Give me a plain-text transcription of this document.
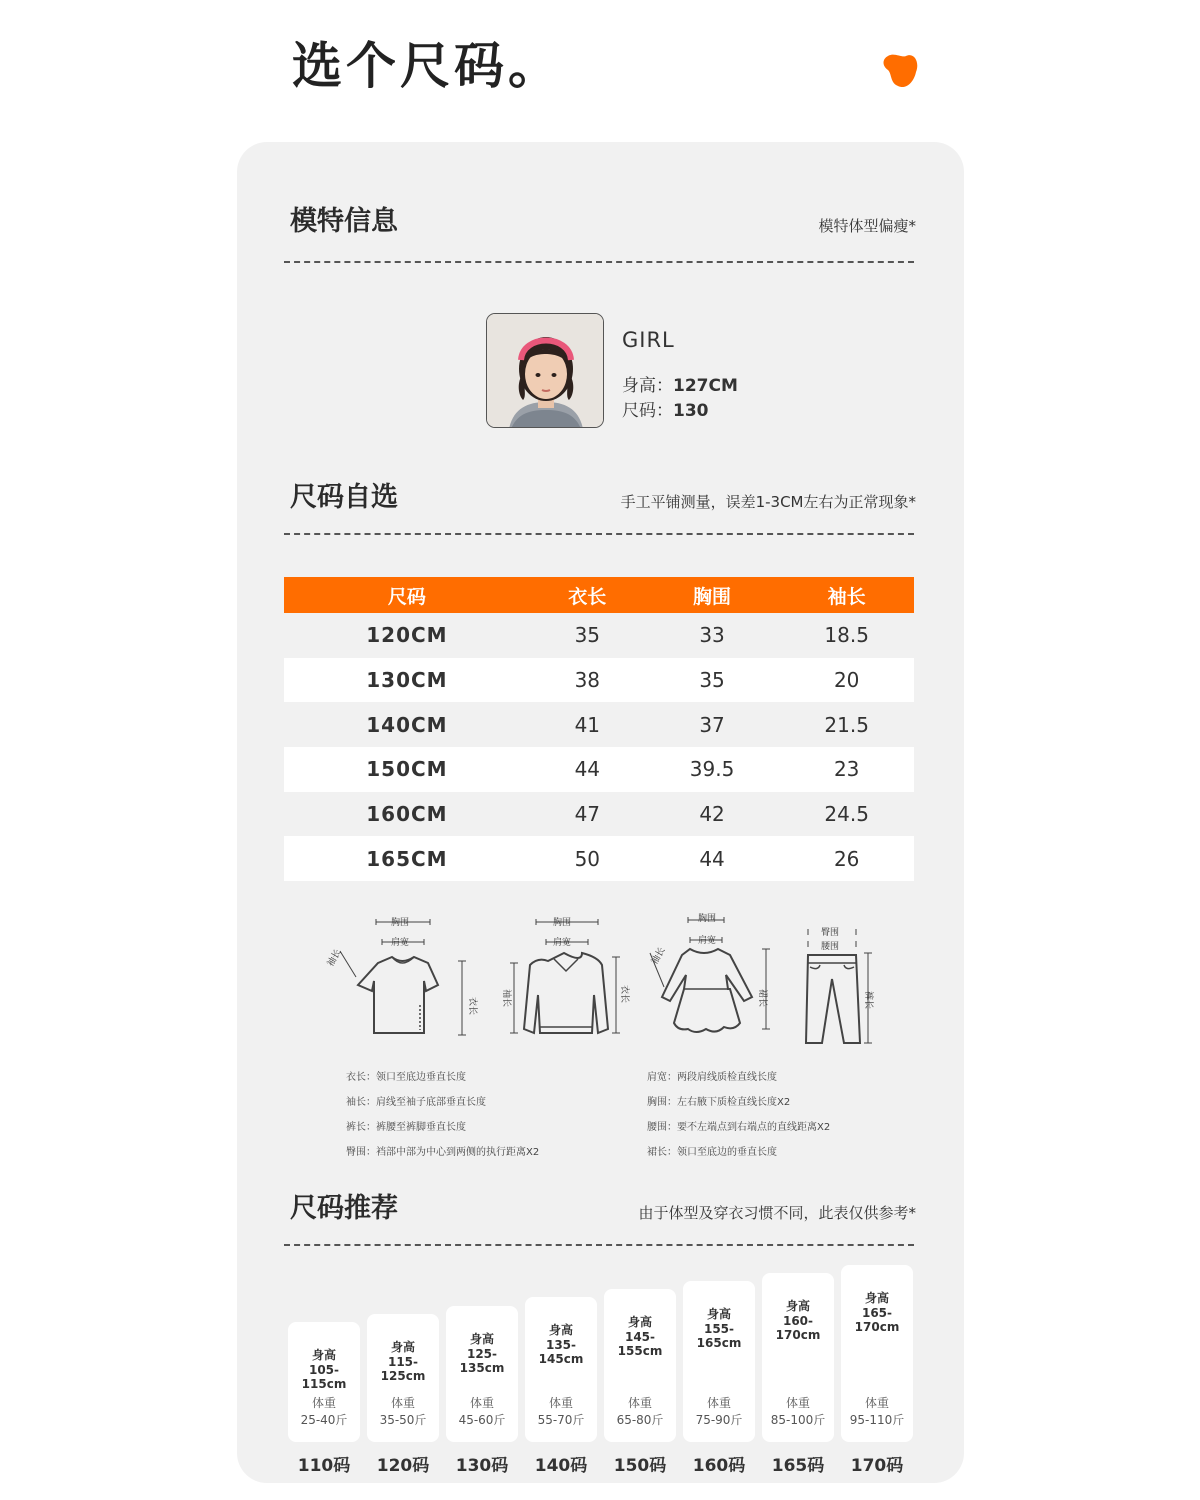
选个尺码。
模特信息	模特体型偏瘦*
GIRL
身高：127CM
尺码：130
尺码自选	手工平铺测量，误差1-3CM左右为正常现象*
尺码	衣长	胸围	袖长
120CM	35	33	18.5
130CM	38	35	20
140CM	41	37	21.5
150CM	44	39.5	23
160CM	47	42	24.5
165CM	50	44	26
胸围
肩宽
袖长
衣长
胸围
肩宽
袖长	衣长
胸围
肩宽
袖长
裙长
臀围
腰围
裤长
衣长：领口至底边垂直长度
袖长：肩线至袖子底部垂直长度
裤长：裤腰至裤脚垂直长度
臀围：裆部中部为中心到两侧的执行距离X2
肩宽：两段肩线质检直线长度
胸围：左右腋下质检直线长度X2
腰围：要不左端点到右端点的直线距离X2
裙长：领口至底边的垂直长度
尺码推荐	由于体型及穿衣习惯不同，此表仅供参考*
身高
105-115cm
体重
25-40斤
110码
身高
115-125cm
体重
35-50斤
120码
身高
125-135cm
体重
45-60斤
130码
身高
135-145cm
体重
55-70斤
140码
身高
145-155cm
体重
65-80斤
150码
身高
155-165cm
体重
75-90斤
160码
身高
160-170cm
体重
85-100斤
165码
身高
165-170cm
体重
95-110斤
170码
